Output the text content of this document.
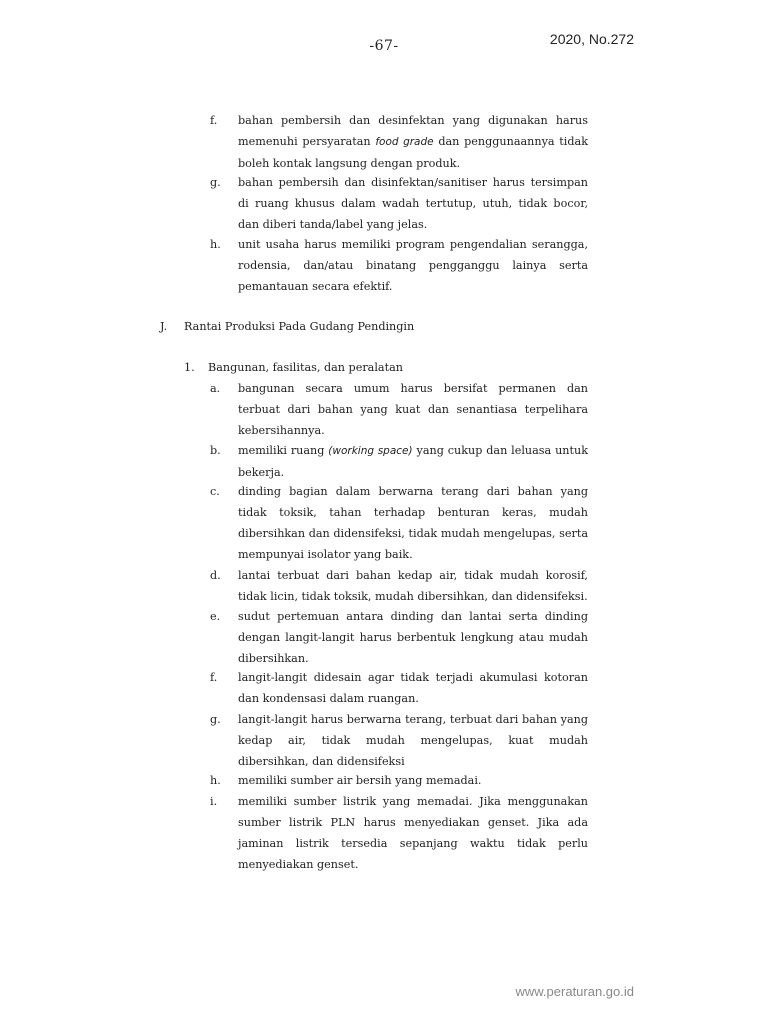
-67-	2020, No.272
f. bahan pembersih dan desinfektan yang digunakan harus memenuhi persyaratan food grade dan penggunaannya tidak boleh kontak langsung dengan produk.
g. bahan pembersih dan disinfektan/sanitiser harus tersimpan di ruang khusus dalam wadah tertutup, utuh, tidak bocor, dan diberi tanda/label yang jelas.
h. unit usaha harus memiliki program pengendalian serangga, rodensia, dan/atau binatang pengganggu lainya serta pemantauan secara efektif.
J. Rantai Produksi Pada Gudang Pendingin
1. Bangunan, fasilitas, dan peralatan
a. bangunan secara umum harus bersifat permanen dan terbuat dari bahan yang kuat dan senantiasa terpelihara kebersihannya.
b. memiliki ruang (working space) yang cukup dan leluasa untuk bekerja.
c. dinding bagian dalam berwarna terang dari bahan yang tidak toksik, tahan terhadap benturan keras, mudah dibersihkan dan didensifeksi, tidak mudah mengelupas, serta mempunyai isolator yang baik.
d. lantai terbuat dari bahan kedap air, tidak mudah korosif, tidak licin, tidak toksik, mudah dibersihkan, dan didensifeksi.
e. sudut pertemuan antara dinding dan lantai serta dinding dengan langit-langit harus berbentuk lengkung atau mudah dibersihkan.
f. langit-langit didesain agar tidak terjadi akumulasi kotoran dan kondensasi dalam ruangan.
g. langit-langit harus berwarna terang, terbuat dari bahan yang kedap air, tidak mudah mengelupas, kuat mudah dibersihkan, dan didensifeksi
h. memiliki sumber air bersih yang memadai.
i. memiliki sumber listrik yang memadai. Jika menggunakan sumber listrik PLN harus menyediakan genset. Jika ada jaminan listrik tersedia sepanjang waktu tidak perlu menyediakan genset.
www.peraturan.go.id
